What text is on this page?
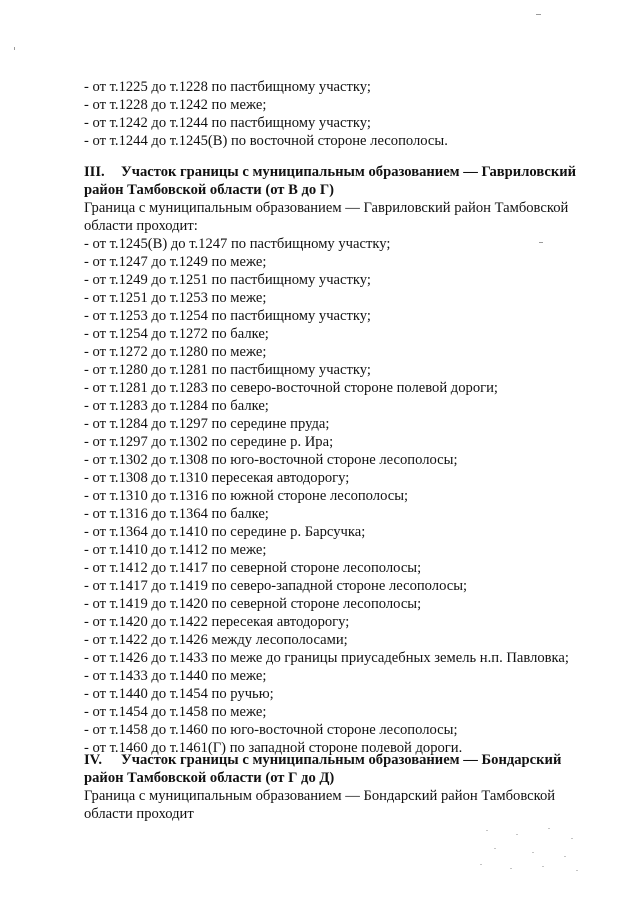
- от т.1225 до т.1228 по пастбищному участку;
- от т.1228 до т.1242 по меже;
- от т.1242 до т.1244 по пастбищному участку;
- от т.1244 до т.1245(В) по восточной стороне лесополосы.
III. Участок границы с муниципальным образованием — Гавриловский
район Тамбовской области (от В до Г)
Граница с муниципальным образованием — Гавриловский район Тамбовской
области проходит:
- от т.1245(В) до т.1247 по пастбищному участку;
- от т.1247 до т.1249 по меже;
- от т.1249 до т.1251 по пастбищному участку;
- от т.1251 до т.1253 по меже;
- от т.1253 до т.1254 по пастбищному участку;
- от т.1254 до т.1272 по балке;
- от т.1272 до т.1280 по меже;
- от т.1280 до т.1281 по пастбищному участку;
- от т.1281 до т.1283 по северо-восточной стороне полевой дороги;
- от т.1283 до т.1284 по балке;
- от т.1284 до т.1297 по середине пруда;
- от т.1297 до т.1302 по середине р. Ира;
- от т.1302 до т.1308 по юго-восточной стороне лесополосы;
- от т.1308 до т.1310 пересекая автодорогу;
- от т.1310 до т.1316 по южной стороне лесополосы;
- от т.1316 до т.1364 по балке;
- от т.1364 до т.1410 по середине р. Барсучка;
- от т.1410 до т.1412 по меже;
- от т.1412 до т.1417 по северной стороне лесополосы;
- от т.1417 до т.1419 по северо-западной стороне лесополосы;
- от т.1419 до т.1420 по северной стороне лесополосы;
- от т.1420 до т.1422 пересекая автодорогу;
- от т.1422 до т.1426 между лесополосами;
- от т.1426 до т.1433 по меже до границы приусадебных земель н.п. Павловка;
- от т.1433 до т.1440 по меже;
- от т.1440 до т.1454 по ручью;
- от т.1454 до т.1458 по меже;
- от т.1458 до т.1460 по юго-восточной стороне лесополосы;
- от т.1460 до т.1461(Г) по западной стороне полевой дороги.
IV. Участок границы с муниципальным образованием — Бондарский
район Тамбовской области (от Г до Д)
Граница с муниципальным образованием — Бондарский район Тамбовской
области проходит
